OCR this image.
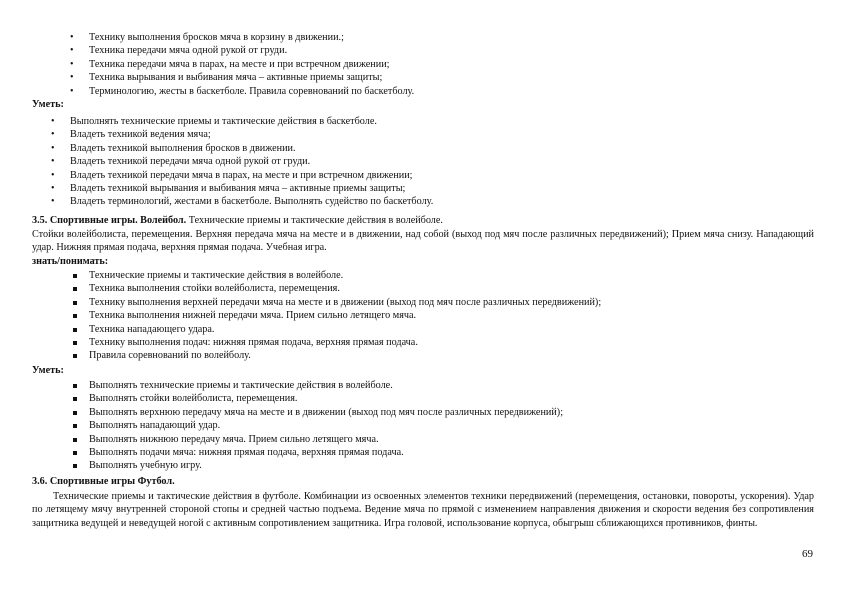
• Технику выполнения бросков мяча в корзину в движении.;
• Техника передачи мяча одной рукой от груди.
• Техника передачи мяча в парах, на месте и при встречном движении;
• Техника вырывания и выбивания мяча – активные приемы защиты;
• Терминологию, жесты в баскетболе. Правила соревнований по баскетболу.
Уметь:
• Выполнять технические приемы и тактические действия в баскетболе.
• Владеть техникой ведения мяча;
• Владеть техникой выполнения бросков в движении.
• Владеть техникой передачи мяча одной рукой от груди.
• Владеть техникой передачи мяча в парах, на месте и при встречном движении;
• Владеть техникой вырывания и выбивания мяча – активные приемы защиты;
• Владеть терминологий, жестами в баскетболе. Выполнять судейство по баскетболу.
3.5. Спортивные игры. Волейбол. Технические приемы и тактические действия в волейболе.
Стойки волейболиста, перемещения. Верхняя передача мяча на месте и в движении, над собой (выход под мяч после различных передвижений); Прием мяча снизу. Нападающий удар. Нижняя прямая подача, верхняя прямая подача. Учебная игра.
знать/понимать:
Технические приемы и тактические действия в волейболе.
Техника выполнения стойки волейболиста, перемещения.
Технику выполнения верхней передачи мяча на месте и в движении (выход под мяч после различных передвижений);
Техника выполнения нижней передачи мяча. Прием сильно летящего мяча.
Техника нападающего удара.
Технику выполнения подач: нижняя прямая подача, верхняя прямая подача.
Правила соревнований по волейболу.
Уметь:
Выполнять технические приемы и тактические действия в волейболе.
Выполнять стойки волейболиста, перемещения.
Выполнять верхнюю передачу мяча на месте и в движении (выход под мяч после различных передвижений);
Выполнять нападающий удар.
Выполнять нижнюю передачу мяча. Прием сильно летящего мяча.
Выполнять подачи мяча: нижняя прямая подача, верхняя прямая подача.
Выполнять учебную игру.
3.6. Спортивные игры Футбол.
Технические приемы и тактические действия в футболе. Комбинации из освоенных элементов техники передвижений (перемещения, остановки, повороты, ускорения). Удар по летящему мячу внутренней стороной стопы и средней частью подъема. Ведение мяча по прямой с изменением направления движения и скорости ведения без сопротивления защитника ведущей и неведущей ногой с активным сопротивлением защитника. Игра головой, использование корпуса, обыгрыш сближающихся противников, финты.
69
